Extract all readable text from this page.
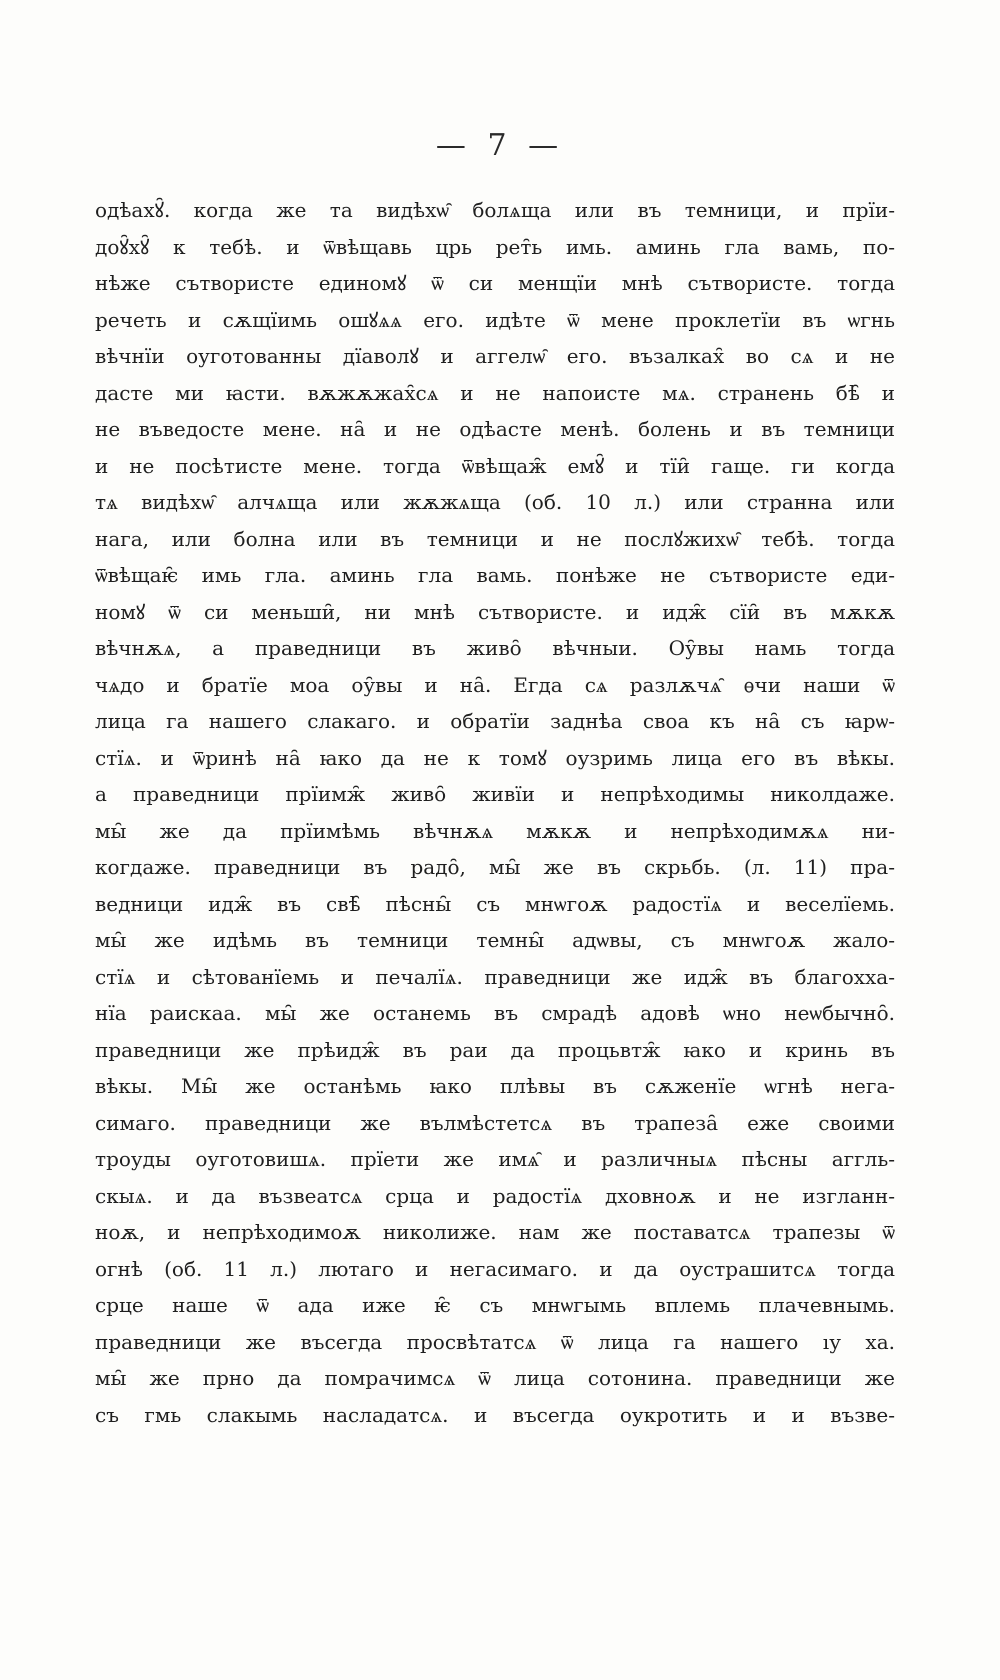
— 7 —
одѣахꙋ̑. когда же та видѣхѡ̑ болѧща или въ темници, и прїи-
доꙋ̑хꙋ̑ к тебѣ. и ѿвѣщавь црь рет̑ь имь. аминь гла вамь, по-
нѣже сътвористе единомꙋ ѿ си менщїи мнѣ сътвористе. тогда
речеть и сѫщїимь ошꙋѧѧ его. идѣте ѿ мене проклетїи въ ѡгнь
вѣчнїи оуготованны дїаволꙋ и аггелѡ̑ его. възалках̑ во сѧ и не
дасте ми ꙗсти. вѫжѫжах̑сѧ и не напоисте мѧ. странень бѣ̑ и
не въведосте мене. на̑ и не одѣасте менѣ. болень и въ темници
и не посѣтисте мене. тогда ѿвѣщаж̑ емꙋ̑ и тїи̑ гаще. ги когда
тѧ видѣхѡ̑ алчѧща или жѫжѧща (об. 10 л.) или странна или
нага, или болна или въ темници и не послꙋжихѡ̑ тебѣ. тогда
ѿвѣщаѥ̑ имь гла. аминь гла вамь. понѣже не сътвористе еди-
номꙋ ѿ си меньши̑, ни мнѣ сътвористе. и идж̑ сїи̑ въ мѫкѫ
вѣчнѫѧ, а праведници въ живо̑ вѣчныи. Оу̑вы намь тогда
чѧдо и братїе моа оу̑вы и на̑. Егда сѧ разлѫчѧ̑ ѳчи наши ѿ
лица га нашего слакаго. и обратїи заднѣа своа къ на̑ съ ꙗрѡ-
стїѧ. и ѿринѣ на̑ ꙗко да не к томꙋ оузримь лица его въ вѣкы.
а праведници прїимж̑ живо̑ живїи и непрѣходимы николдаже.
мы̑ же да прїимѣмь вѣчнѫѧ мѫкѫ и непрѣходимѫѧ ни-
когдаже. праведници въ радо̑, мы̑ же въ скрьбь. (л. 11) пра-
ведници идж̑ въ свѣ̑ пѣсны̑ съ мнѡгоѫ радостїѧ и веселїемь.
мы̑ же идѣмь въ темници темны̑ адѡвы, съ мнѡгоѫ жало-
стїѧ и сѣтованїемь и печалїѧ. праведници же идж̑ въ благохха-
нїа раискаа. мы̑ же останемь въ смрадѣ адовѣ ѡно неѡбычно̑.
праведници же прѣидж̑ въ раи да процьвтж̑ ꙗко и кринь въ
вѣкы. Мы̑ же останѣмь ꙗко плѣвы въ сѫженїе ѡгнѣ нега-
симаго. праведници же вълмѣстетсѧ въ трапеза̑ еже своими
троуды оуготовишѧ. прїети же имѧ̑ и различныѧ пѣсны аггль-
скыѧ. и да възвеатсѧ срца и радостїѧ дховноѫ и не изгланн-
ноѫ, и непрѣходимоѫ николиже. нам же поставатсѧ трапезы ѿ
огнѣ (об. 11 л.) лютаго и негасимаго. и да оустрашитсѧ тогда
срце наше ѿ ада иже ѥ̑ съ мнѡгымь вплемь плачевнымь.
праведници же въсегда просвѣтатсѧ ѿ лица га нашего ıу ха.
мы̑ же прно да помрачимсѧ ѿ лица сотонина. праведници же
съ гмь слакымь насладатсѧ. и въсегда оукротить и и възве-
